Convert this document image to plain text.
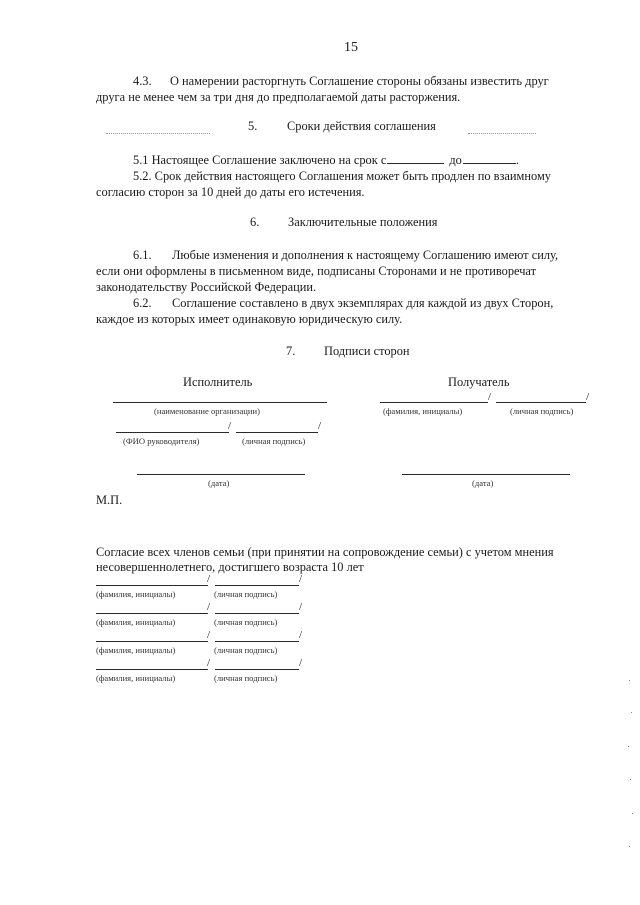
15
4.3. О намерении расторгнуть Соглашение стороны обязаны известить друг
друга не менее чем за три дня до предполагаемой даты расторжения.
5. Сроки действия соглашения
5.1 Настоящее Соглашение заключено на срок с	до	.
5.2. Срок действия настоящего Соглашения может быть продлен по взаимному
согласию сторон за 10 дней до даты его истечения.
6. Заключительные положения
6.1. Любые изменения и дополнения к настоящему Соглашению имеют силу,
если они оформлены в письменном виде, подписаны Сторонами и не противоречат
законодательству Российской Федерации.
6.2. Соглашение составлено в двух экземплярах для каждой из двух Сторон,
каждое из которых имеет одинаковую юридическую силу.
7. Подписи сторон
Исполнитель
(наименование организации)
/	/
(ФИО руководителя)	(личная подпись)
(дата)
Получатель
/	/
(фамилия, инициалы)	(личная подпись)
(дата)
М.П.
Согласие всех членов семьи (при принятии на сопровождение семьи) с учетом мнения
несовершеннолетнего, достигшего возраста 10 лет
/	/
(фамилия, инициалы)	(личная подпись)
/	/
(фамилия, инициалы)	(личная подпись)
/	/
(фамилия, инициалы)	(личная подпись)
/	/
(фамилия, инициалы)	(личная подпись)
